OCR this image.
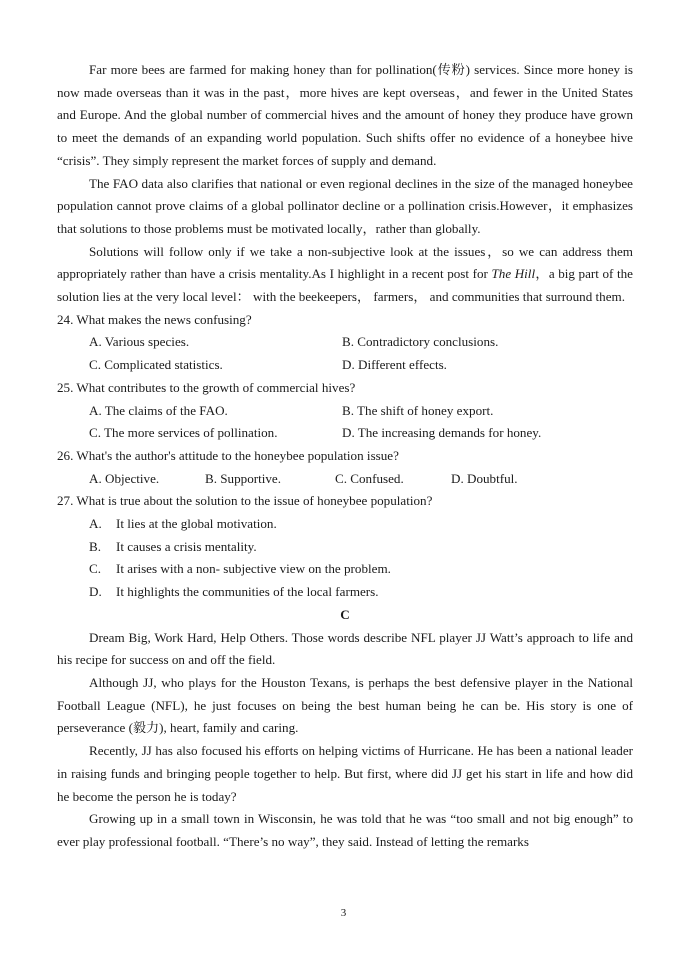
Far more bees are farmed for making honey than for pollination(传粉) services. Since more honey is now made overseas than it was in the past，more hives are kept overseas，and fewer in the United States and Europe. And the global number of commercial hives and the amount of honey they produce have grown to meet the demands of an expanding world population. Such shifts offer no evidence of a honeybee hive “crisis”. They simply represent the market forces of supply and demand.

The FAO data also clarifies that national or even regional declines in the size of the managed honeybee population cannot prove claims of a global pollinator decline or a pollination crisis.However，it emphasizes that solutions to those problems must be motivated locally，rather than globally.

Solutions will follow only if we take a non-subjective look at the issues，so we can address them appropriately rather than have a crisis mentality.As I highlight in a recent post for The Hill，a big part of the solution lies at the very local level： with the beekeepers， farmers， and communities that surround them.

24. What makes the news confusing?

A. Various species.	B. Contradictory conclusions.
C. Complicated statistics.	D. Different effects.

25. What contributes to the growth of commercial hives?

A. The claims of the FAO.	B. The shift of honey export.
C. The more services of pollination.	D. The increasing demands for honey.

26. What's the author's attitude to the honeybee population issue?

A. Objective.	B. Supportive.	C. Confused.	D. Doubtful.

27. What is true about the solution to the issue of honeybee population?

A.	It lies at the global motivation.
B.	It causes a crisis mentality.
C.	It arises with a non- subjective view on the problem.
D.	It highlights the communities of the local farmers.

C

Dream Big, Work Hard, Help Others. Those words describe NFL player JJ Watt’s approach to life and his recipe for success on and off the field.

Although JJ, who plays for the Houston Texans, is perhaps the best defensive player in the National Football League (NFL), he just focuses on being the best human being he can be. His story is one of perseverance (毅力), heart, family and caring.

Recently, JJ has also focused his efforts on helping victims of Hurricane. He has been a national leader in raising funds and bringing people together to help. But first, where did JJ get his start in life and how did he become the person he is today?

Growing up in a small town in Wisconsin, he was told that he was “too small and not big enough” to ever play professional football. “There’s no way”, they said. Instead of letting the remarks

3
